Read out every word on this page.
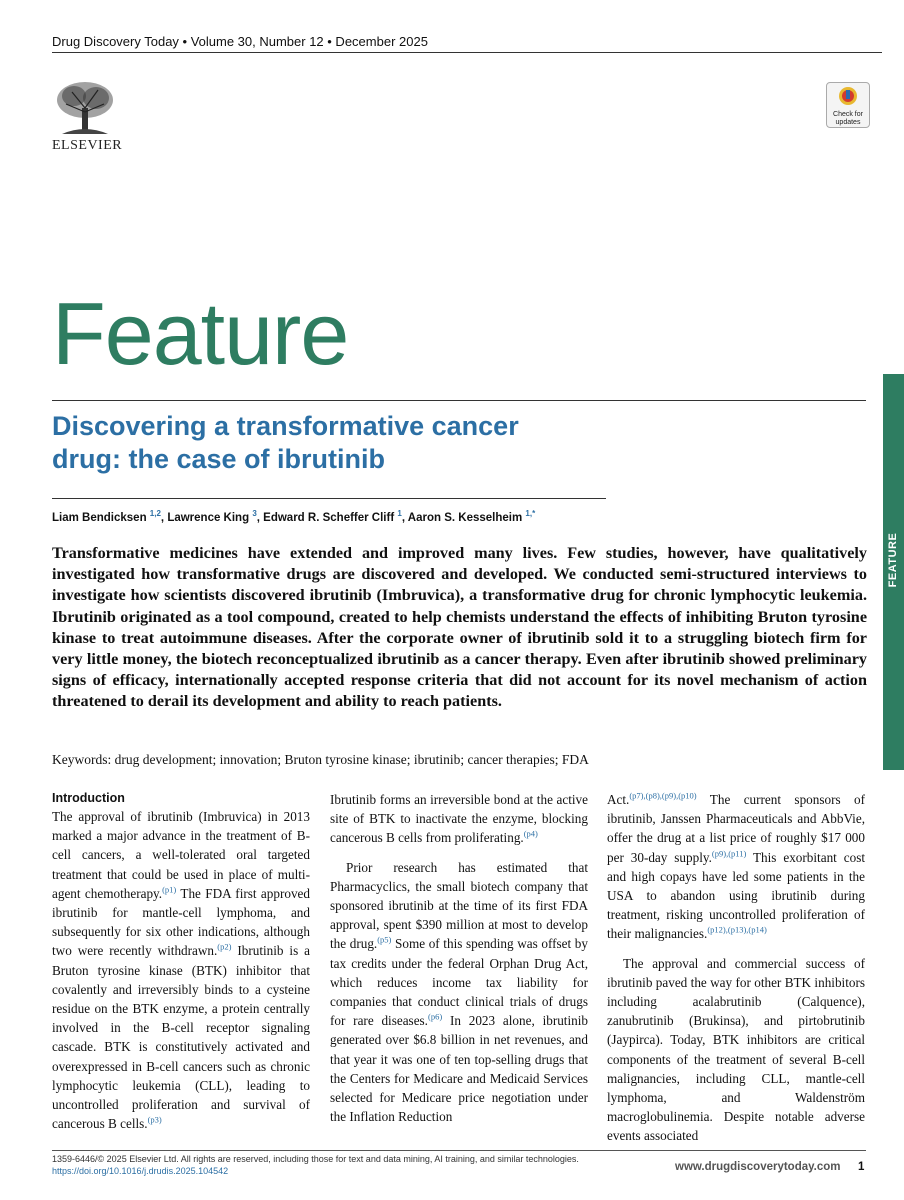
Drug Discovery Today • Volume 30, Number 12 • December 2025
ELSEVIER
Check for
updates
Feature
Discovering a transformative cancer
drug: the case of ibrutinib
Liam Bendicksen $^{1,2}$, Lawrence King $^3$, Edward R. Scheffer Cliff $^1$, Aaron S. Kesselheim $^{1,*}$
Transformative medicines have extended and improved many lives. Few studies, however, have qualitatively investigated how transformative drugs are discovered and developed. We conducted semi-structured interviews to investigate how scientists discovered ibrutinib (Imbruvica), a transformative drug for chronic lymphocytic leukemia. Ibrutinib originated as a tool compound, created to help chemists understand the effects of inhibiting Bruton tyrosine kinase to treat autoimmune diseases. After the corporate owner of ibrutinib sold it to a struggling biotech firm for very little money, the biotech reconceptualized ibrutinib as a cancer therapy. Even after ibrutinib showed preliminary signs of efficacy, internationally accepted response criteria that did not account for its novel mechanism of action threatened to derail its development and ability to reach patients.
Keywords: drug development; innovation; Bruton tyrosine kinase; ibrutinib; cancer therapies; FDA
Introduction

The approval of ibrutinib (Imbruvica) in 2013 marked a major advance in the treatment of B-cell cancers, a well-tolerated oral targeted treatment that could be used in place of multi-agent chemotherapy.$^{(p1)}$ The FDA first approved ibrutinib for mantle-cell lymphoma, and subsequently for six other indications, although two were recently withdrawn.$^{(p2)}$ Ibrutinib is a Bruton tyrosine kinase (BTK) inhibitor that covalently and irreversibly binds to a cysteine residue on the BTK enzyme, a protein centrally involved in the B-cell receptor signaling cascade. BTK is constitutively activated and overexpressed in B-cell cancers such as chronic lymphocytic leukemia (CLL), leading to uncontrolled proliferation and survival of cancerous B cells.$^{(p3)}$

Ibrutinib forms an irreversible bond at the active site of BTK to inactivate the enzyme, blocking cancerous B cells from proliferating.$^{(p4)}$

Prior research has estimated that Pharmacyclics, the small biotech company that sponsored ibrutinib at the time of its first FDA approval, spent $390 million at most to develop the drug.$^{(p5)}$ Some of this spending was offset by tax credits under the federal Orphan Drug Act, which reduces income tax liability for companies that conduct clinical trials of drugs for rare diseases.$^{(p6)}$ In 2023 alone, ibrutinib generated over $6.8 billion in net revenues, and that year it was one of ten top-selling drugs that the Centers for Medicare and Medicaid Services selected for Medicare price negotiation under the Inflation Reduction

Act.$^{(p7),(p8),(p9),(p10)}$ The current sponsors of ibrutinib, Janssen Pharmaceuticals and AbbVie, offer the drug at a list price of roughly $17 000 per 30-day supply.$^{(p9),(p11)}$ This exorbitant cost and high copays have led some patients in the USA to abandon using ibrutinib during treatment, risking uncontrolled proliferation of their malignancies.$^{(p12),(p13),(p14)}$

The approval and commercial success of ibrutinib paved the way for other BTK inhibitors including acalabrutinib (Calquence), zanubrutinib (Brukinsa), and pirtobrutinib (Jaypirca). Today, BTK inhibitors are critical components of the treatment of several B-cell malignancies, including CLL, mantle-cell lymphoma, and Waldenström macroglobulinemia. Despite notable adverse events associated

FEATURE
1359-6446/© 2025 Elsevier Ltd. All rights are reserved, including those for text and data mining, AI training, and similar technologies.
https://doi.org/10.1016/j.drudis.2025.104542	www.drugdiscoverytoday.com 1
